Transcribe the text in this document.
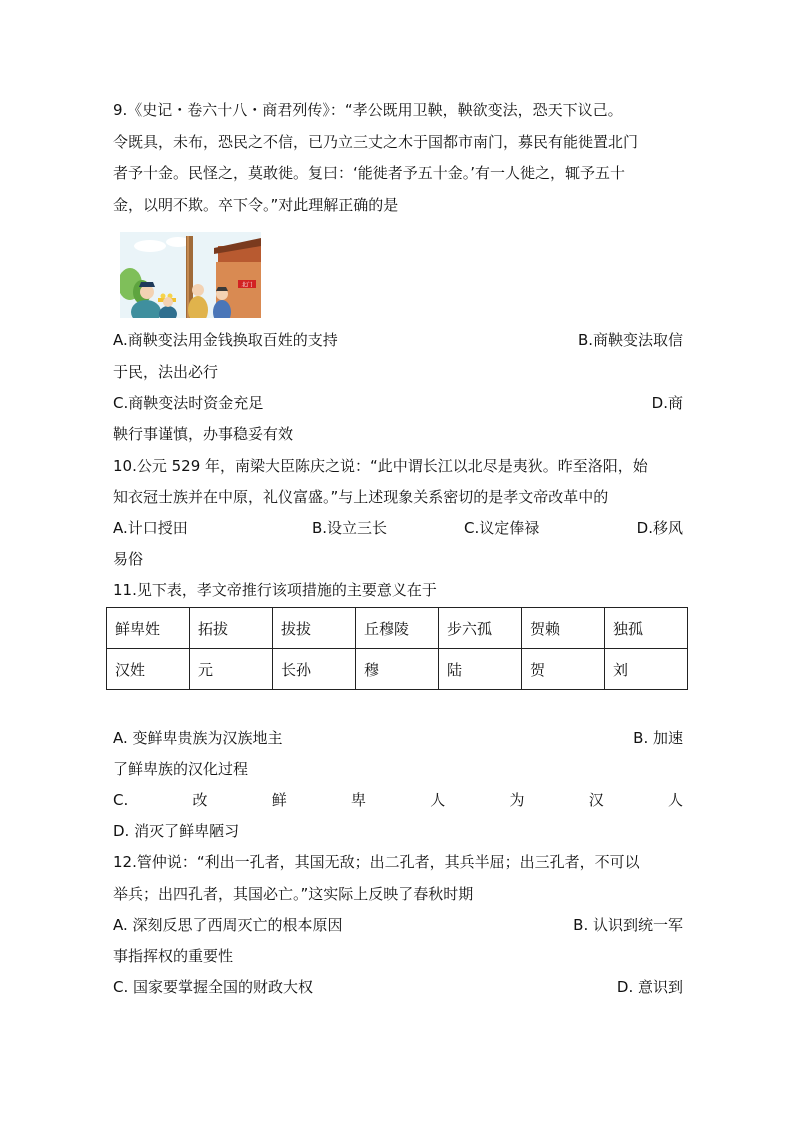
9.《史记・卷六十八・商君列传》：“孝公既用卫鞅，鞅欲变法，恐天下议己。
令既具，未布，恐民之不信，已乃立三丈之木于国都市南门，募民有能徙置北门
者予十金。民怪之，莫敢徙。复曰：‘能徙者予五十金。’有一人徙之，辄予五十
金，以明不欺。卒下令。”对此理解正确的是
北门
A.商鞅变法用金钱换取百姓的支持	B.商鞅变法取信
于民，法出必行
C.商鞅变法时资金充足	D.商
鞅行事谨慎，办事稳妥有效
10.公元 529 年，南梁大臣陈庆之说：“此中谓长江以北尽是夷狄。昨至洛阳，始
知衣冠士族并在中原，礼仪富盛。”与上述现象关系密切的是孝文帝改革中的
A.计口授田	B.设立三长	C.议定俸禄	D.移风
易俗
11.见下表，孝文帝推行该项措施的主要意义在于
鲜卑姓	拓拔	拔拔	丘穆陵	步六孤	贺赖	独孤
汉姓	元	长孙	穆	陆	贺	刘
A. 变鲜卑贵族为汉族地主	B. 加速
了鲜卑族的汉化过程
C.	改	鲜	卑	人	为	汉	人
D. 消灭了鲜卑陋习
12.管仲说：“利出一孔者，其国无敌；出二孔者，其兵半屈；出三孔者，不可以
举兵；出四孔者，其国必亡。”这实际上反映了春秋时期
A. 深刻反思了西周灭亡的根本原因	B. 认识到统一军
事指挥权的重要性
C. 国家要掌握全国的财政大权	D. 意识到
